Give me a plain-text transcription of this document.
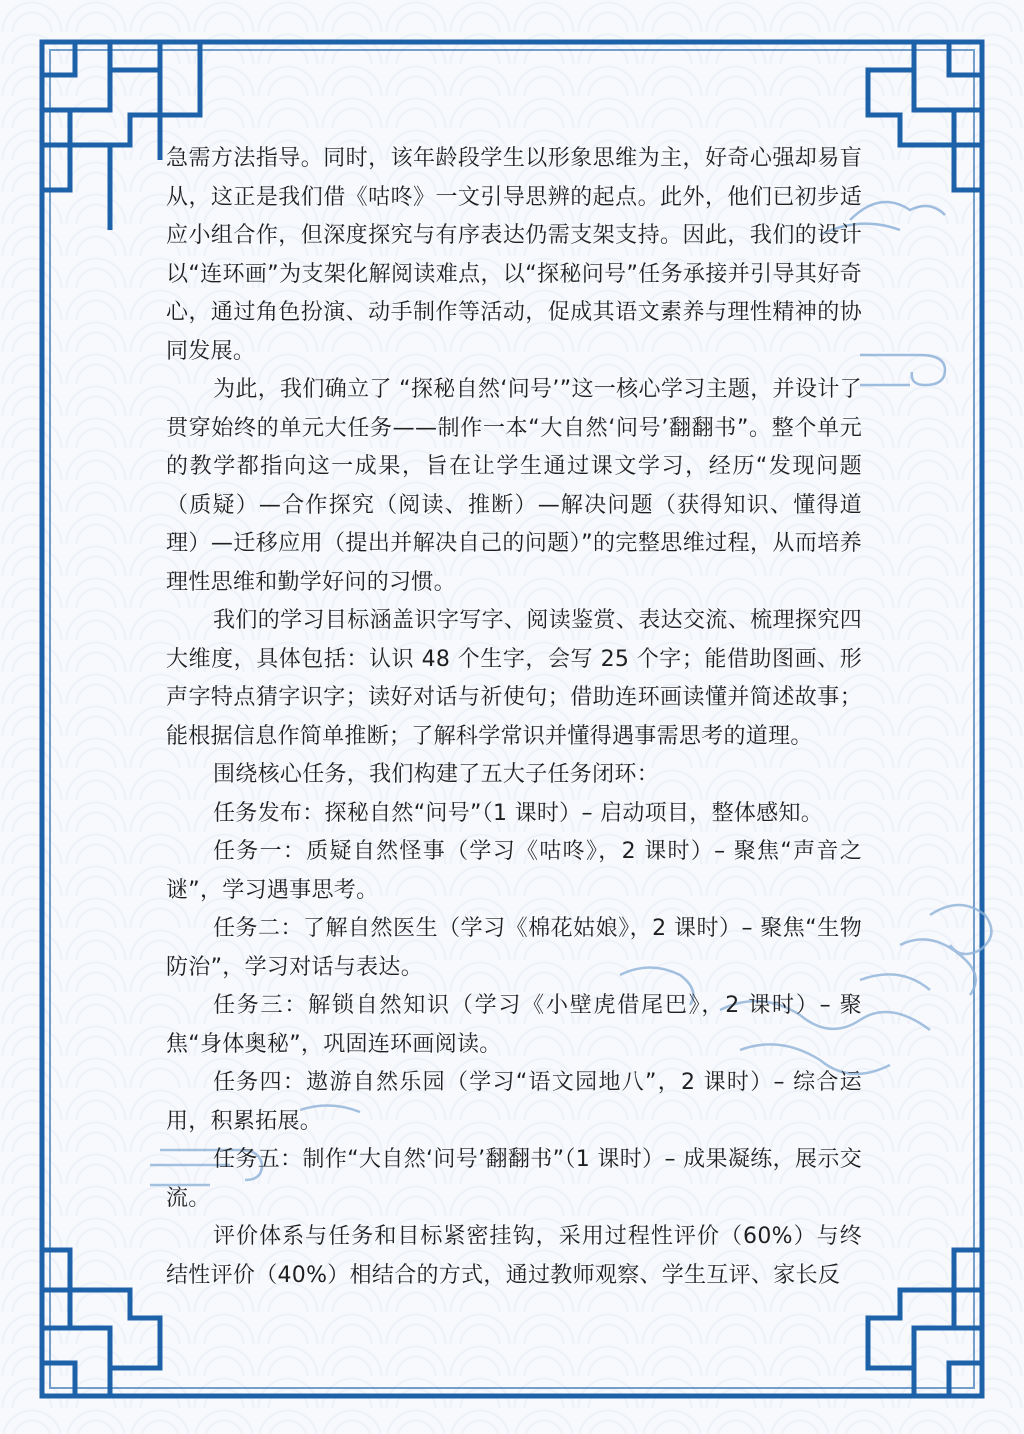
急需方法指导。同时，该年龄段学生以形象思维为主，好奇心强却易盲从，这正是我们借《咕咚》一文引导思辨的起点。此外，他们已初步适应小组合作，但深度探究与有序表达仍需支架支持。因此，我们的设计以“连环画”为支架化解阅读难点，以“探秘问号”任务承接并引导其好奇心，通过角色扮演、动手制作等活动，促成其语文素养与理性精神的协同发展。

为此，我们确立了 “探秘自然‘问号’”这一核心学习主题，并设计了贯穿始终的单元大任务——制作一本“大自然‘问号’翻翻书”。整个单元的教学都指向这一成果，旨在让学生通过课文学习，经历“发现问题（质疑）—合作探究（阅读、推断）—解决问题（获得知识、懂得道理）—迁移应用（提出并解决自己的问题）”的完整思维过程，从而培养理性思维和勤学好问的习惯。

我们的学习目标涵盖识字写字、阅读鉴赏、表达交流、梳理探究四大维度，具体包括：认识 48 个生字，会写 25 个字；能借助图画、形声字特点猜字识字；读好对话与祈使句；借助连环画读懂并简述故事；能根据信息作简单推断；了解科学常识并懂得遇事需思考的道理。

围绕核心任务，我们构建了五大子任务闭环：

任务发布：探秘自然“问号”（1 课时）– 启动项目，整体感知。

任务一：质疑自然怪事（学习《咕咚》，2 课时）– 聚焦“声音之谜”，学习遇事思考。

任务二：了解自然医生（学习《棉花姑娘》，2 课时）– 聚焦“生物防治”，学习对话与表达。

任务三：解锁自然知识（学习《小壁虎借尾巴》，2 课时）– 聚焦“身体奥秘”，巩固连环画阅读。

任务四：遨游自然乐园（学习“语文园地八”，2 课时）– 综合运用，积累拓展。

任务五：制作“大自然‘问号’翻翻书”（1 课时）– 成果凝练，展示交流。

评价体系与任务和目标紧密挂钩，采用过程性评价（60%）与终结性评价（40%）相结合的方式，通过教师观察、学生互评、家长反
